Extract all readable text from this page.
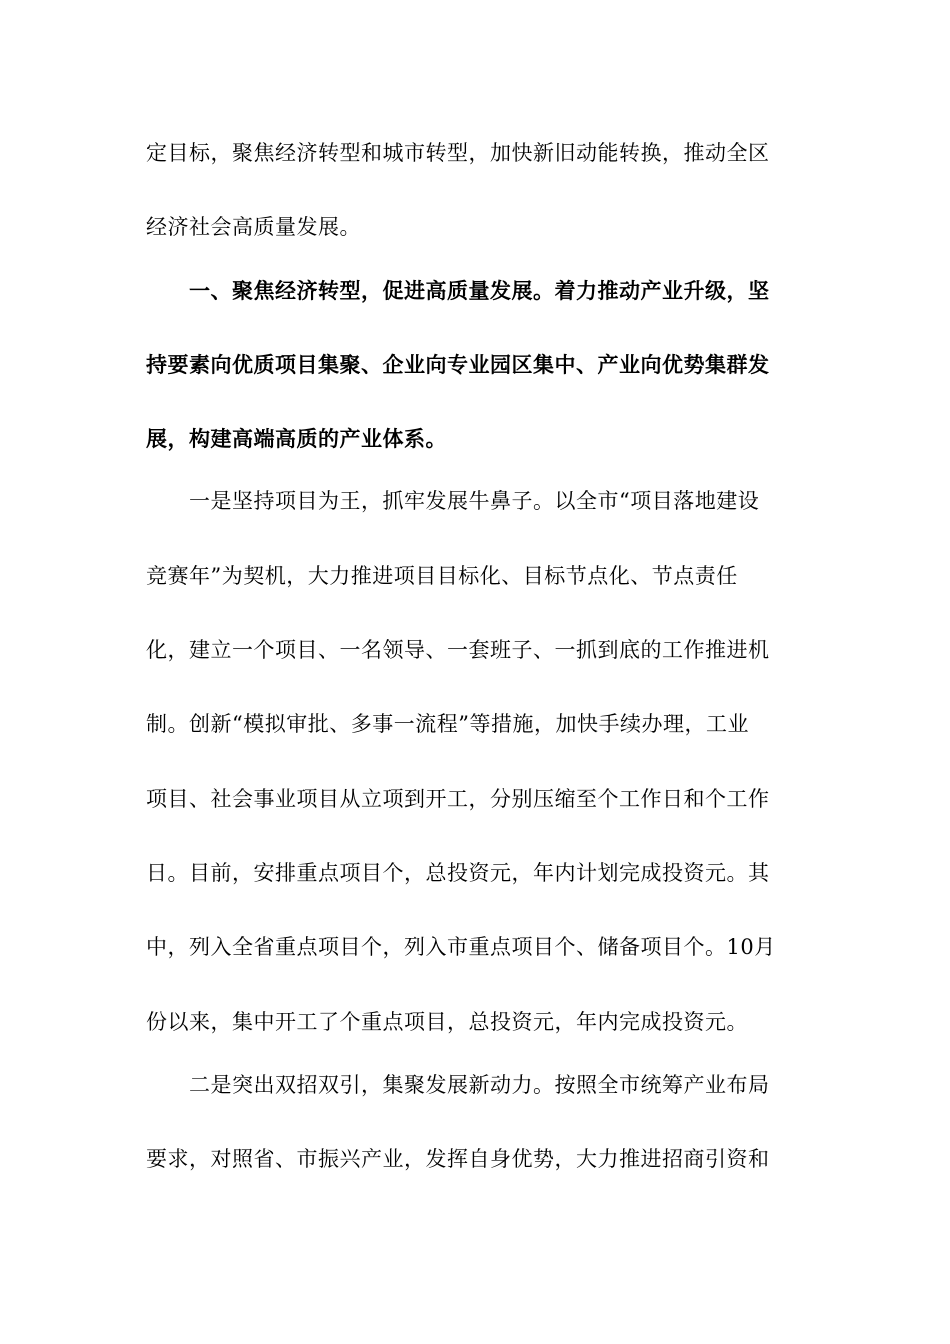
定目标，聚焦经济转型和城市转型，加快新旧动能转换，推动全区
经济社会高质量发展。
一、聚焦经济转型，促进高质量发展。着力推动产业升级，坚
持要素向优质项目集聚、企业向专业园区集中、产业向优势集群发
展，构建高端高质的产业体系。
一是坚持项目为王，抓牢发展牛鼻子。以全市“项目落地建设
竞赛年”为契机，大力推进项目目标化、目标节点化、节点责任
化，建立一个项目、一名领导、一套班子、一抓到底的工作推进机
制。创新“模拟审批、多事一流程”等措施，加快手续办理，工业
项目、社会事业项目从立项到开工，分别压缩至个工作日和个工作
日。目前，安排重点项目个，总投资元，年内计划完成投资元。其
中，列入全省重点项目个，列入市重点项目个、储备项目个。10月
份以来，集中开工了个重点项目，总投资元，年内完成投资元。
二是突出双招双引，集聚发展新动力。按照全市统筹产业布局
要求，对照省、市振兴产业，发挥自身优势，大力推进招商引资和
